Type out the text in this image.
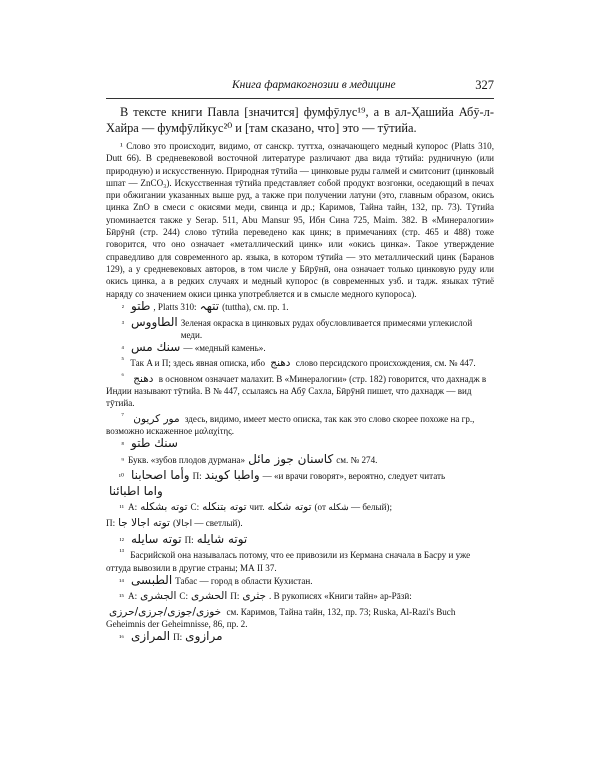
Книга фармакогнозии в медицине	327

В тексте книги Павла [значится] фумфӯлус¹⁹, а в ал-Ҳашийа Абӯ-л-Хайра — фумфӯлйкус²⁰ и [там сказано, что] это — тӯтийа.

¹ Слово это происходит, видимо, от санскр. туттха, означающего медный купорос (Platts 310, Dutt 66). В средневековой восточной литературе различают два вида тӯтийа: рудничную (или природную) и искусственную. Природная тӯтийа — цинковые руды галмей и смитсонит (цинковый шпат — ZnCO₃). Искусственная тӯтийа представляет собой продукт возгонки, оседающий в печах при обжигании указанных выше руд, а также при получении латуни (это, главным образом, окись цинка ZnO в смеси с окисями меди, свинца и др.; Каримов, Тайна тайн, 132, пр. 73). Тӯтийа упоминается также у Serap. 511, Abu Mansur 95, Ибн Сина 725, Maim. 382. В «Минералогии» Бӣрӯнӣ (стр. 244) слово тӯтийа переведено как цинк; в примечаниях (стр. 465 и 488) тоже говорится, что оно означает «металлический цинк» или «окись цинка». Такое утверждение справедливо для современного ар. языка, в котором тӯтийа — это металлический цинк (Баранов 129), а у средневековых авторов, в том числе у Бӣрӯнӣ, она означает только цинковую руду или окись цинка, а в редких случаях и медный купорос (в современных узб. и тадж. языках тӯтиё наряду со значением окиси цинка употребляется и в смысле медного купороса).

² طتو , Platts 310: تتهہ (tuttha), см. пр. 1.
³ الطاووس Зеленая окраска в цинковых рудах обусловливается примесями углекислой меди.
⁴ سنك مس — «медный камень».
⁵ Так A и П; здесь явная описка, ибо دهنج слово персидского происхождения, см. № 447.
⁶ دهنج в основном означает малахит. В «Минералогии» (стр. 182) говорится, что дахнадж в Индии называют тӯтийа. В № 447, ссылаясь на Абӯ Сахла, Бӣрӯнӣ пишет, что дахнадж — вид тӯтийа.
⁷ مور كريون здесь, видимо, имеет место описка, так как это слово скорее похоже на гр., возможно искаженное μαλαχίτης.
⁸ سنك طتو
⁹ Букв. «зубов плодов дурмана» كاسنان جوز مائل см. № 274.
¹⁰ وأما اصحابنا П: واطبا كويند — «и врачи говорят», вероятно, следует читать
واما اطبائنا
¹¹ A: توته بشكله C: توته بتنكله чит. توته شكله (от شكله — белый);
П: توته اجالا جا (اجالا — светлый).
¹² توته سايله П: توته شايله
¹³ Басрийской она называлась потому, что ее привозили из Кермана сначала в Басру и уже оттуда вывозили в другие страны; МА II 37.
¹⁴ الطبسى Табас — город в области Кухистан.
¹⁵ A: الجشرى C: الحشرى П: جثرى . В рукописях «Книги тайн» ар-Рāзӣ:
خوزى/جوزى/جرزى/حرزى см. Каримов, Тайна тайн, 132, пр. 73; Ruska, Al-Razi's Buch Geheimnis der Geheimnisse, 86, пр. 2.
¹⁶ المرازى П: مرازوى
